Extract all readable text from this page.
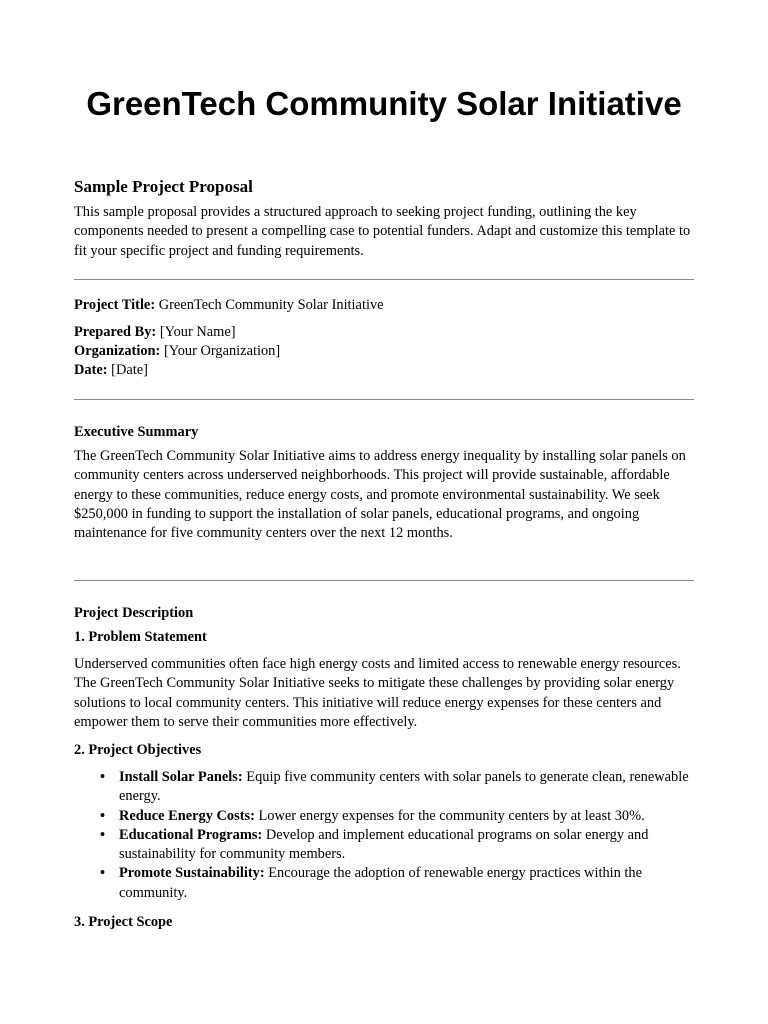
GreenTech Community Solar Initiative
Sample Project Proposal

This sample proposal provides a structured approach to seeking project funding, outlining the key components needed to present a compelling case to potential funders. Adapt and customize this template to fit your specific project and funding requirements.

Project Title: GreenTech Community Solar Initiative

Prepared By: [Your Name]

Organization: [Your Organization]

Date: [Date]

Executive Summary

The GreenTech Community Solar Initiative aims to address energy inequality by installing solar panels on community centers across underserved neighborhoods. This project will provide sustainable, affordable energy to these communities, reduce energy costs, and promote environmental sustainability. We seek $250,000 in funding to support the installation of solar panels, educational programs, and ongoing maintenance for five community centers over the next 12 months.

Project Description
1. Problem Statement

Underserved communities often face high energy costs and limited access to renewable energy resources. The GreenTech Community Solar Initiative seeks to mitigate these challenges by providing solar energy solutions to local community centers. This initiative will reduce energy expenses for these centers and empower them to serve their communities more effectively.

2. Project Objectives
• Install Solar Panels: Equip five community centers with solar panels to generate clean, renewable energy.
• Reduce Energy Costs: Lower energy expenses for the community centers by at least 30%.
• Educational Programs: Develop and implement educational programs on solar energy and sustainability for community members.
• Promote Sustainability: Encourage the adoption of renewable energy practices within the community.
3. Project Scope
